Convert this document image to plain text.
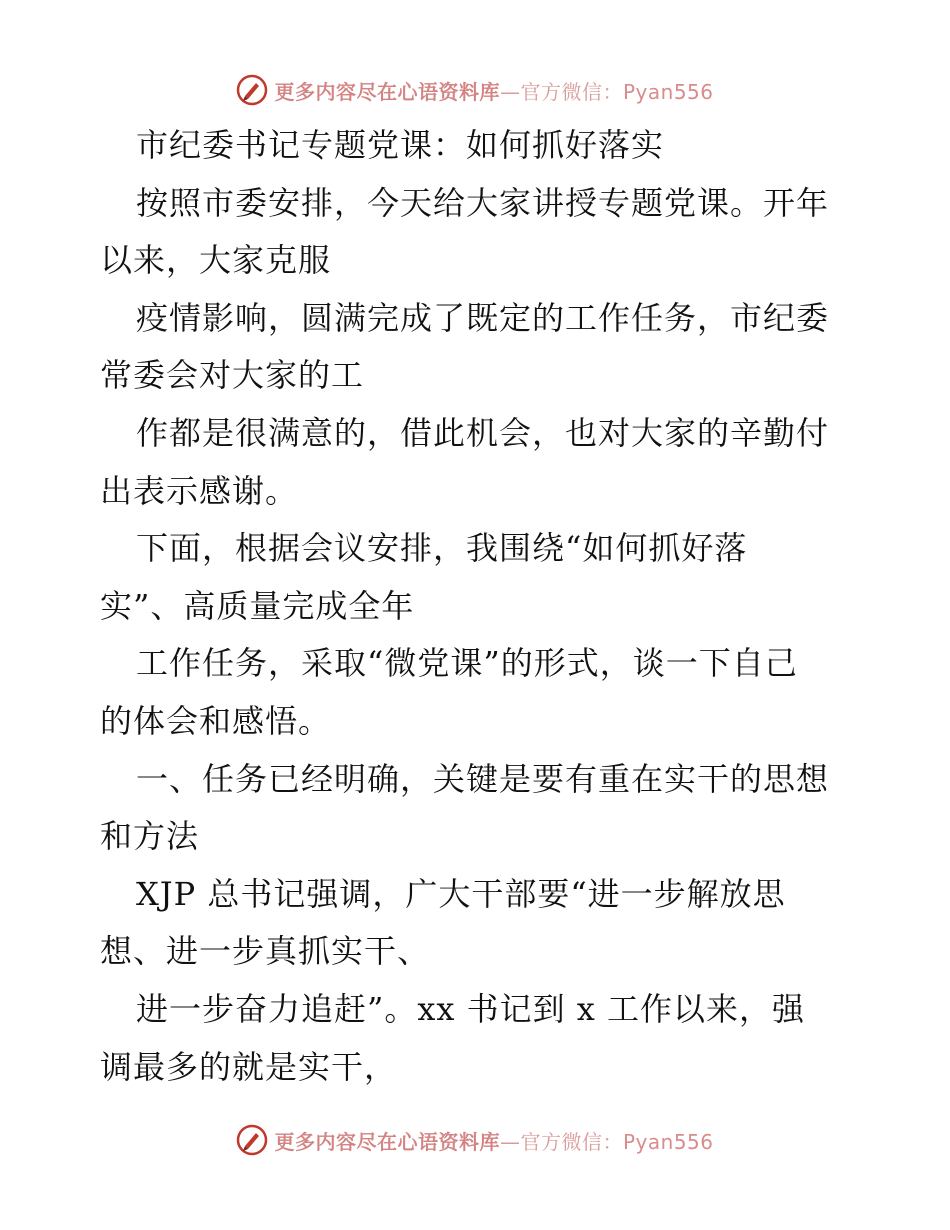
更多内容尽在心语资料库—官方微信：Pyan556
市纪委书记专题党课：如何抓好落实
按照市委安排，今天给大家讲授专题党课。开年
以来，大家克服
疫情影响，圆满完成了既定的工作任务，市纪委
常委会对大家的工
作都是很满意的，借此机会，也对大家的辛勤付
出表示感谢。
下面，根据会议安排，我围绕“如何抓好落
实”、高质量完成全年
工作任务，采取“微党课”的形式，谈一下自己
的体会和感悟。
一、任务已经明确，关键是要有重在实干的思想
和方法
XJP 总书记强调，广大干部要“进一步解放思
想、进一步真抓实干、
进一步奋力追赶”。xx 书记到 x 工作以来，强
调最多的就是实干，
更多内容尽在心语资料库—官方微信：Pyan556
